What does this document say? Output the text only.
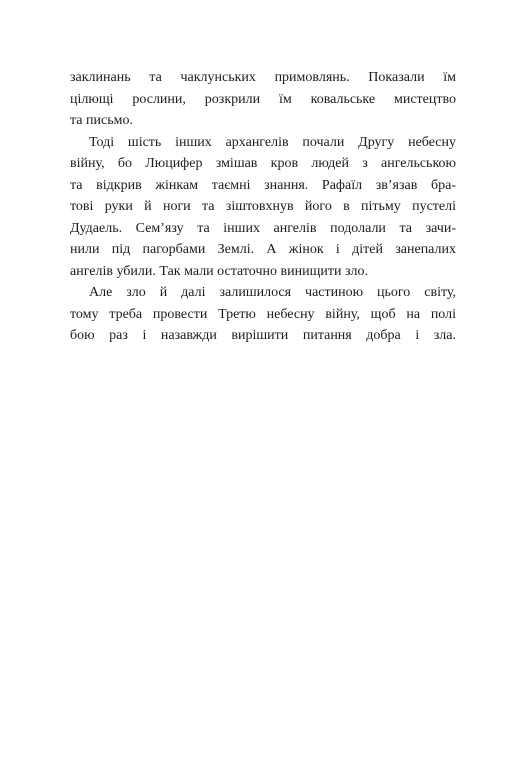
заклинань та чаклунських примовлянь. Показали їм
цілющі рослини, розкрили їм ковальське мистецтво
та письмо.
Тоді шість інших архангелів почали Другу небесну
війну, бо Люцифер змішав кров людей з ангельською
та відкрив жінкам таємні знання. Рафаїл зв’язав бра-
тові руки й ноги та зіштовхнув його в пітьму пустелі
Дудаель. Сем’язу та інших ангелів подолали та зачи-
нили під пагорбами Землі. А жінок і дітей занепалих
ангелів убили. Так мали остаточно винищити зло.
Але зло й далі залишилося частиною цього світу,
тому треба провести Третю небесну війну, щоб на полі
бою раз і назавжди вирішити питання добра і зла.
